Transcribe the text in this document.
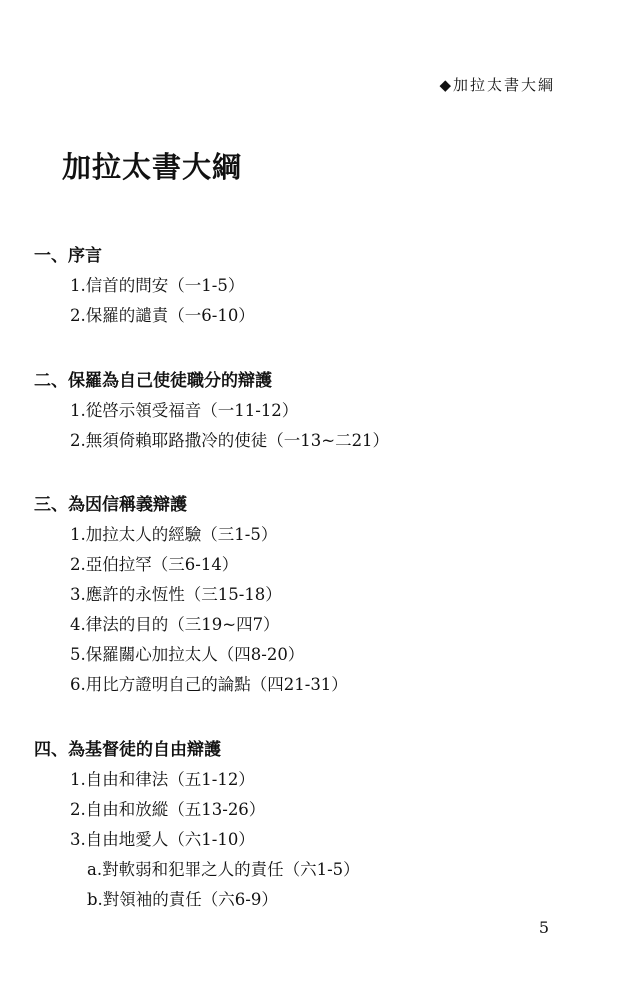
◆加拉太書大綱
加拉太書大綱
一、序言
1.信首的問安（一1-5）
2.保羅的譴責（一6-10）
二、保羅為自己使徒職分的辯護
1.從啓示領受福音（一11-12）
2.無須倚賴耶路撒冷的使徒（一13~二21）
三、為因信稱義辯護
1.加拉太人的經驗（三1-5）
2.亞伯拉罕（三6-14）
3.應許的永恆性（三15-18）
4.律法的目的（三19~四7）
5.保羅關心加拉太人（四8-20）
6.用比方證明自己的論點（四21-31）
四、為基督徒的自由辯護
1.自由和律法（五1-12）
2.自由和放縱（五13-26）
3.自由地愛人（六1-10）
a.對軟弱和犯罪之人的責任（六1-5）
b.對領袖的責任（六6-9）
5
